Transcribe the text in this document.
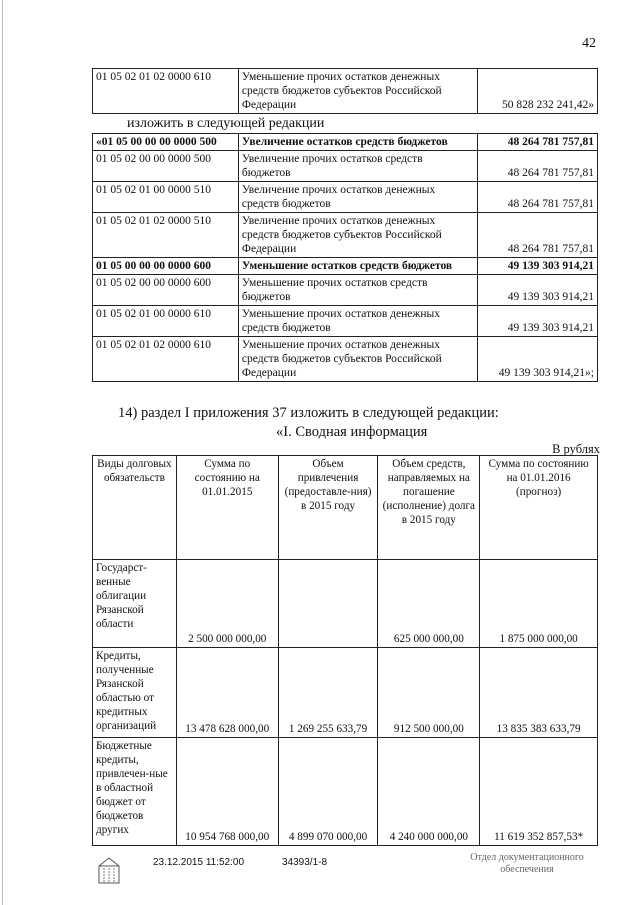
42
01 05 02 01 02 0000 610	Уменьшение прочих остатков денежных средств бюджетов субъектов Российской Федерации	50 828 232 241,42»
изложить в следующей редакции
«01 05 00 00 00 0000 500	Увеличение остатков средств бюджетов	48 264 781 757,81
01 05 02 00 00 0000 500	Увеличение прочих остатков средств бюджетов	48 264 781 757,81
01 05 02 01 00 0000 510	Увеличение прочих остатков денежных средств бюджетов	48 264 781 757,81
01 05 02 01 02 0000 510	Увеличение прочих остатков денежных средств бюджетов субъектов Российской Федерации	48 264 781 757,81
01 05 00 00 00 0000 600	Уменьшение остатков средств бюджетов	49 139 303 914,21
01 05 02 00 00 0000 600	Уменьшение прочих остатков средств бюджетов	49 139 303 914,21
01 05 02 01 00 0000 610	Уменьшение прочих остатков денежных средств бюджетов	49 139 303 914,21
01 05 02 01 02 0000 610	Уменьшение прочих остатков денежных средств бюджетов субъектов Российской Федерации	49 139 303 914,21»;
14) раздел I приложения 37 изложить в следующей редакции:
«I. Сводная информация
В рублях
Виды долговых обязательств	Сумма по состоянию на 01.01.2015	Объем привлечения (предоставле-ния) в 2015 году	Объем средств, направляемых на погашение (исполнение) долга в 2015 году	Сумма по состоянию на 01.01.2016 (прогноз)
Государст-венные облигации Рязанской области	2 500 000 000,00		625 000 000,00	1 875 000 000,00
Кредиты, полученные Рязанской областью от кредитных организаций	13 478 628 000,00	1 269 255 633,79	912 500 000,00	13 835 383 633,79
Бюджетные кредиты, привлечен-ные в областной бюджет от бюджетов других	10 954 768 000,00	4 899 070 000,00	4 240 000 000,00	11 619 352 857,53*
23.12.2015 11:52:00	34393/1-8	Отдел документационного
обеспечения
